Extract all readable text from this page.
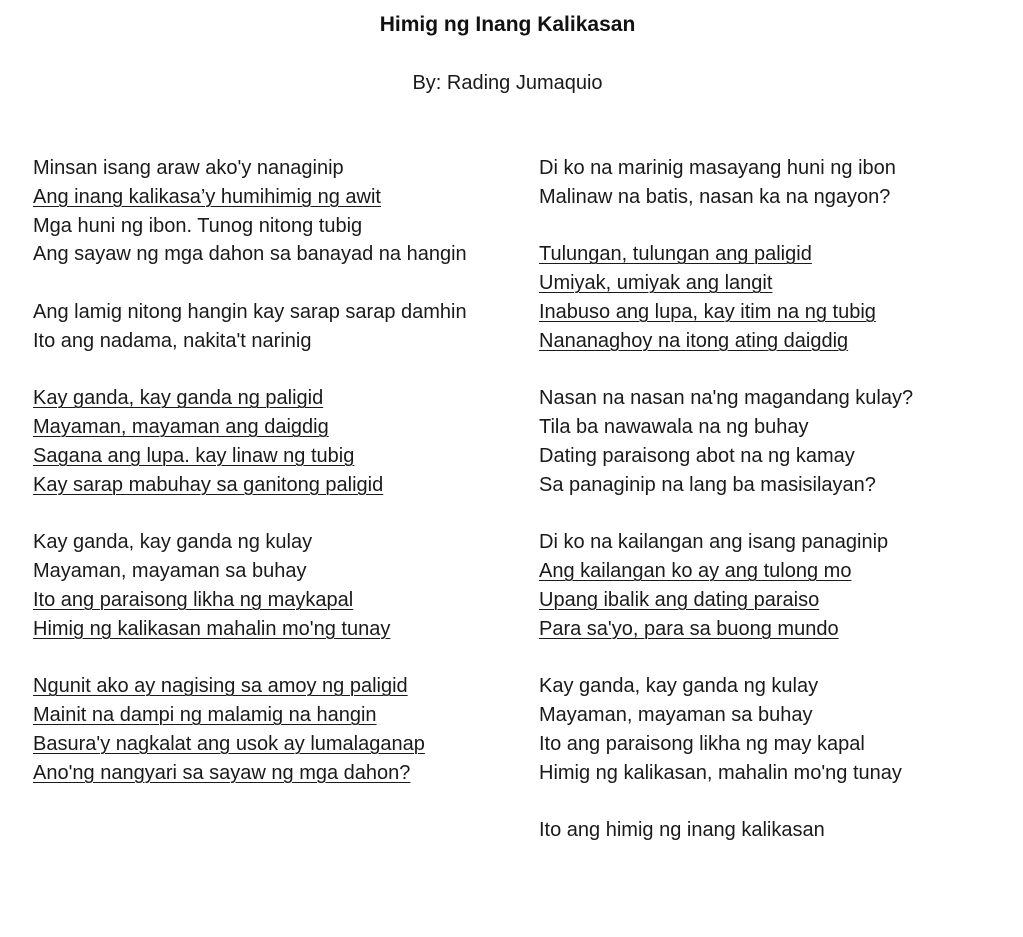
Himig ng Inang Kalikasan
By: Rading Jumaquio
Minsan isang araw ako'y nanaginip
Ang inang kalikasa’y humihimig ng awit
Mga huni ng ibon. Tunog nitong tubig
Ang sayaw ng mga dahon sa banayad na hangin
Ang lamig nitong hangin kay sarap sarap damhin
Ito ang nadama, nakita't narinig
Kay ganda, kay ganda ng paligid
Mayaman, mayaman ang daigdig
Sagana ang lupa. kay linaw ng tubig
Kay sarap mabuhay sa ganitong paligid
Kay ganda, kay ganda ng kulay
Mayaman, mayaman sa buhay
Ito ang paraisong likha ng maykapal
Himig ng kalikasan mahalin mo'ng tunay
Ngunit ako ay nagising sa amoy ng paligid
Mainit na dampi ng malamig na hangin
Basura'y nagkalat ang usok ay lumalaganap
Ano'ng nangyari sa sayaw ng mga dahon?
Di ko na marinig masayang huni ng ibon
Malinaw na batis, nasan ka na ngayon?
Tulungan, tulungan ang paligid
Umiyak, umiyak ang langit
Inabuso ang lupa, kay itim na ng tubig
Nananaghoy na itong ating daigdig
Nasan na nasan na'ng magandang kulay?
Tila ba nawawala na ng buhay
Dating paraisong abot na ng kamay
Sa panaginip na lang ba masisilayan?
Di ko na kailangan ang isang panaginip
Ang kailangan ko ay ang tulong mo
Upang ibalik ang dating paraiso
Para sa'yo, para sa buong mundo
Kay ganda, kay ganda ng kulay
Mayaman, mayaman sa buhay
Ito ang paraisong likha ng may kapal
Himig ng kalikasan, mahalin mo'ng tunay
Ito ang himig ng inang kalikasan
